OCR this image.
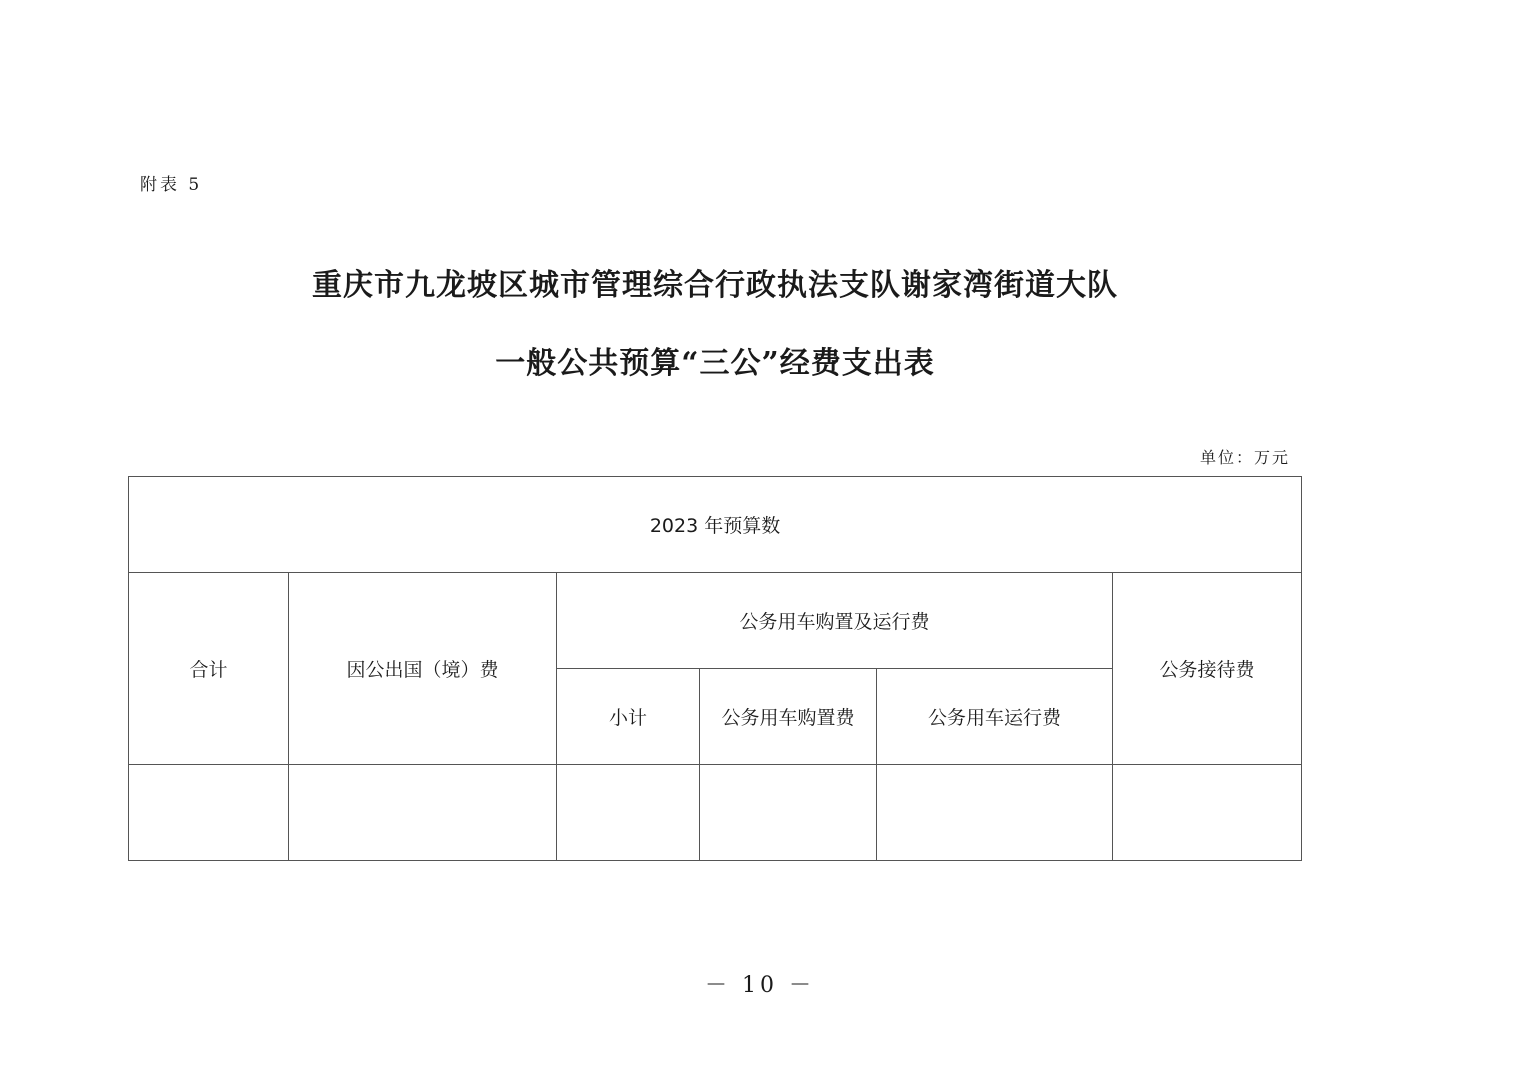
附表 5
重庆市九龙坡区城市管理综合行政执法支队谢家湾街道大队
一般公共预算“三公”经费支出表
单位：万元
2023 年预算数					
合计	因公出国（境）费	公务用车购置及运行费			公务接待费
		小计	公务用车购置费	公务用车运行费	

－ 10 －
